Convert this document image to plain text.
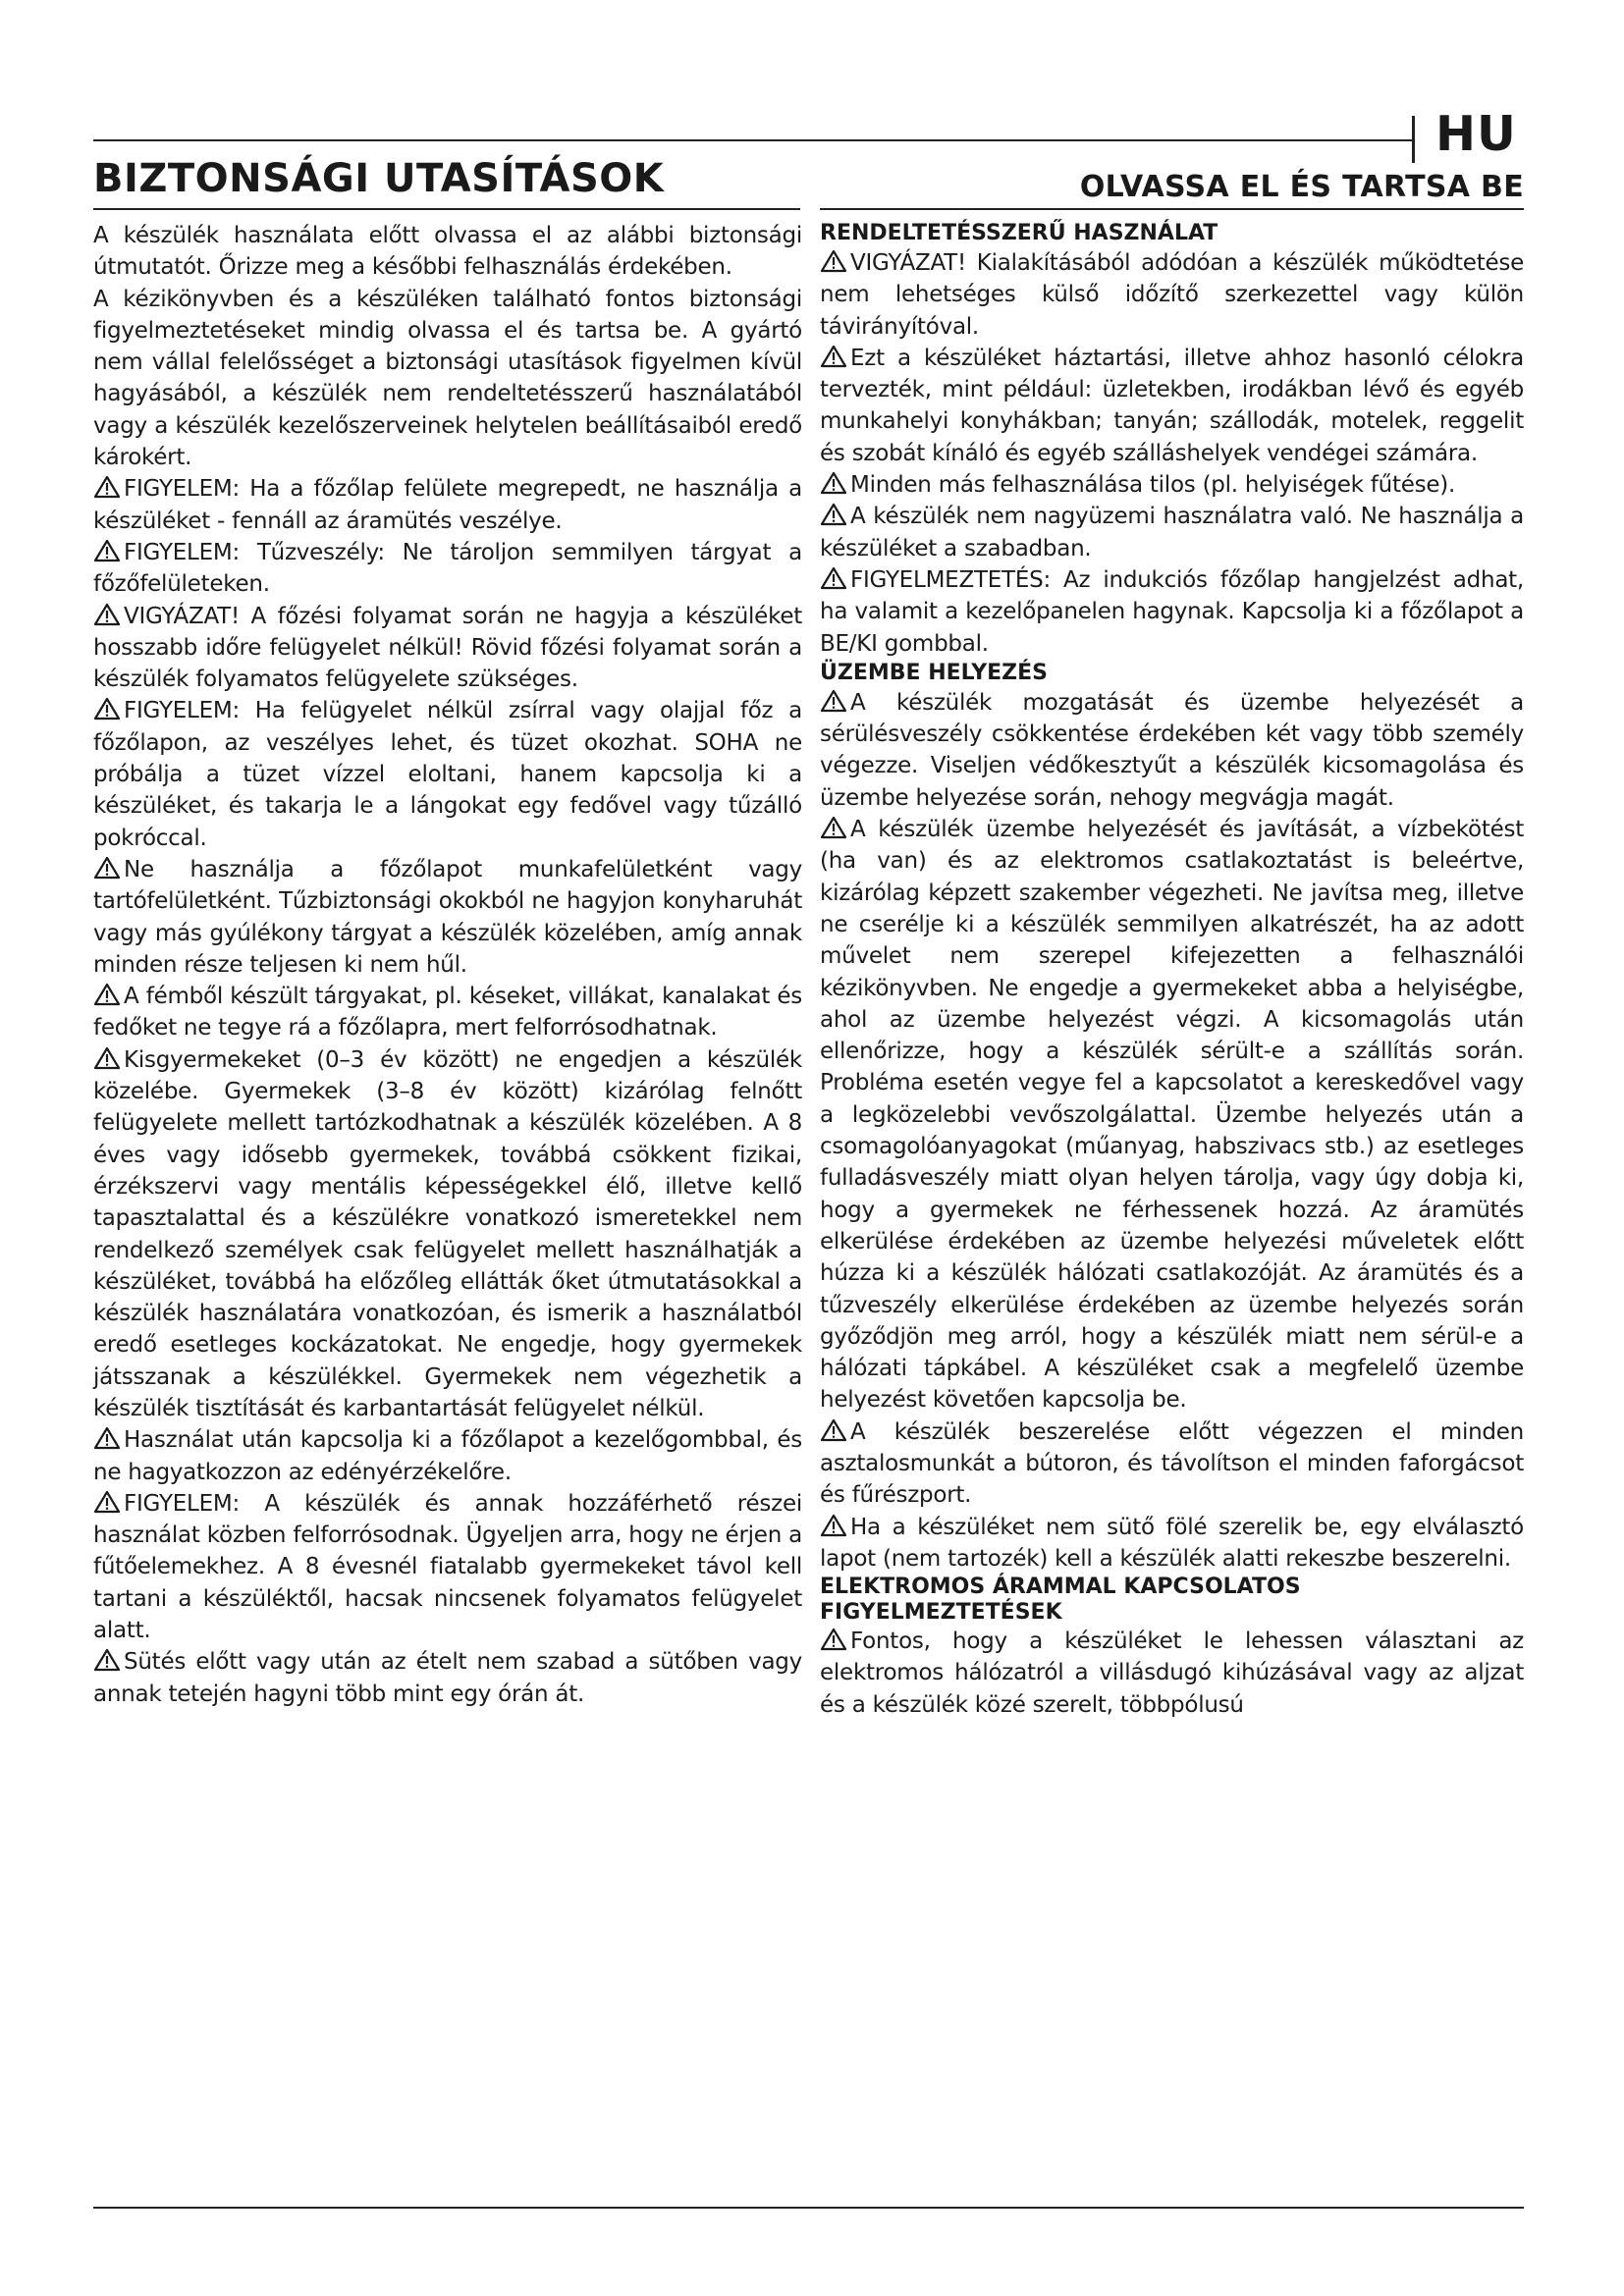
HU
BIZTONSÁGI UTASÍTÁSOK	OLVASSA EL ÉS TARTSA BE

A készülék használata előtt olvassa el az alábbi biztonsági útmutatót. Őrizze meg a későbbi felhasználás érdekében.

A kézikönyvben és a készüléken található fontos biztonsági figyelmeztetéseket mindig olvassa el és tartsa be. A gyártó nem vállal felelősséget a biztonsági utasítások figyelmen kívül hagyásából, a készülék nem rendeltetésszerű használatából vagy a készülék kezelőszerveinek helytelen beállításaiból eredő károkért.

FIGYELEM: Ha a főzőlap felülete megrepedt, ne használja a készüléket - fennáll az áramütés veszélye.

FIGYELEM: Tűzveszély: Ne tároljon semmilyen tárgyat a főzőfelületeken.

VIGYÁZAT! A főzési folyamat során ne hagyja a készüléket hosszabb időre felügyelet nélkül! Rövid főzési folyamat során a készülék folyamatos felügyelete szükséges.

FIGYELEM: Ha felügyelet nélkül zsírral vagy olajjal főz a főzőlapon, az veszélyes lehet, és tüzet okozhat. SOHA ne próbálja a tüzet vízzel eloltani, hanem kapcsolja ki a készüléket, és takarja le a lángokat egy fedővel vagy tűzálló pokróccal.

Ne használja a főzőlapot munkafelületként vagy tartófelületként. Tűzbiztonsági okokból ne hagyjon konyharuhát vagy más gyúlékony tárgyat a készülék közelében, amíg annak minden része teljesen ki nem hűl.

A fémből készült tárgyakat, pl. késeket, villákat, kanalakat és fedőket ne tegye rá a főzőlapra, mert felforrósodhatnak.

Kisgyermekeket (0–3 év között) ne engedjen a készülék közelébe. Gyermekek (3–8 év között) kizárólag felnőtt felügyelete mellett tartózkodhatnak a készülék közelében. A 8 éves vagy idősebb gyermekek, továbbá csökkent fizikai, érzékszervi vagy mentális képességekkel élő, illetve kellő tapasztalattal és a készülékre vonatkozó ismeretekkel nem rendelkező személyek csak felügyelet mellett használhatják a készüléket, továbbá ha előzőleg ellátták őket útmutatásokkal a készülék használatára vonatkozóan, és ismerik a használatból eredő esetleges kockázatokat. Ne engedje, hogy gyermekek játsszanak a készülékkel. Gyermekek nem végezhetik a készülék tisztítását és karbantartását felügyelet nélkül.

Használat után kapcsolja ki a főzőlapot a kezelőgombbal, és ne hagyatkozzon az edényérzékelőre.

FIGYELEM: A készülék és annak hozzáférhető részei használat közben felforrósodnak. Ügyeljen arra, hogy ne érjen a fűtőelemekhez. A 8 évesnél fiatalabb gyermekeket távol kell tartani a készüléktől, hacsak nincsenek folyamatos felügyelet alatt.

Sütés előtt vagy után az ételt nem szabad a sütőben vagy annak tetején hagyni több mint egy órán át.

RENDELTETÉSSZERŰ HASZNÁLAT

VIGYÁZAT! Kialakításából adódóan a készülék működtetése nem lehetséges külső időzítő szerkezettel vagy külön távirányítóval.

Ezt a készüléket háztartási, illetve ahhoz hasonló célokra tervezték, mint például: üzletekben, irodákban lévő és egyéb munkahelyi konyhákban; tanyán; szállodák, motelek, reggelit és szobát kínáló és egyéb szálláshelyek vendégei számára.

Minden más felhasználása tilos (pl. helyiségek fűtése).

A készülék nem nagyüzemi használatra való. Ne használja a készüléket a szabadban.

FIGYELMEZTETÉS: Az indukciós főzőlap hangjelzést adhat, ha valamit a kezelőpanelen hagynak. Kapcsolja ki a főzőlapot a BE/KI gombbal.

ÜZEMBE HELYEZÉS

A készülék mozgatását és üzembe helyezését a sérülésveszély csökkentése érdekében két vagy több személy végezze. Viseljen védőkesztyűt a készülék kicsomagolása és üzembe helyezése során, nehogy megvágja magát.

A készülék üzembe helyezését és javítását, a vízbekötést (ha van) és az elektromos csatlakoztatást is beleértve, kizárólag képzett szakember végezheti. Ne javítsa meg, illetve ne cserélje ki a készülék semmilyen alkatrészét, ha az adott művelet nem szerepel kifejezetten a felhasználói kézikönyvben. Ne engedje a gyermekeket abba a helyiségbe, ahol az üzembe helyezést végzi. A kicsomagolás után ellenőrizze, hogy a készülék sérült-e a szállítás során. Probléma esetén vegye fel a kapcsolatot a kereskedővel vagy a legközelebbi vevőszolgálattal. Üzembe helyezés után a csomagolóanyagokat (műanyag, habszivacs stb.) az esetleges fulladásveszély miatt olyan helyen tárolja, vagy úgy dobja ki, hogy a gyermekek ne férhessenek hozzá. Az áramütés elkerülése érdekében az üzembe helyezési műveletek előtt húzza ki a készülék hálózati csatlakozóját. Az áramütés és a tűzveszély elkerülése érdekében az üzembe helyezés során győződjön meg arról, hogy a készülék miatt nem sérül-e a hálózati tápkábel. A készüléket csak a megfelelő üzembe helyezést követően kapcsolja be.

A készülék beszerelése előtt végezzen el minden asztalosmunkát a bútoron, és távolítson el minden faforgácsot és fűrészport.

Ha a készüléket nem sütő fölé szerelik be, egy elválasztó lapot (nem tartozék) kell a készülék alatti rekeszbe beszerelni.

ELEKTROMOS ÁRAMMAL KAPCSOLATOS FIGYELMEZTETÉSEK

Fontos, hogy a készüléket le lehessen választani az elektromos hálózatról a villásdugó kihúzásával vagy az aljzat és a készülék közé szerelt, többpólusú
